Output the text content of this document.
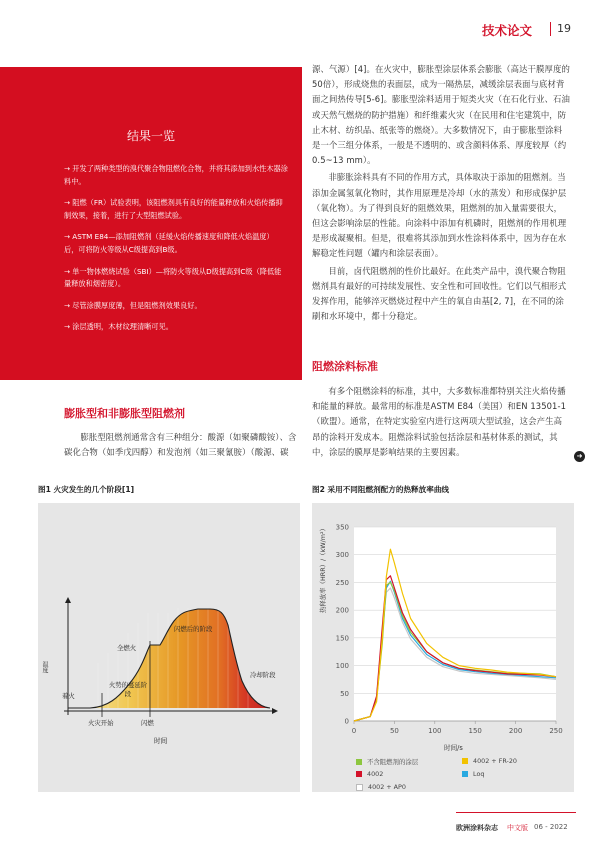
技术论文 19
结果一览

→ 开发了两种类型的溴代聚合物阻燃化合物，并将其添加到水性木器涂料中。

→ 阻燃（FR）试验表明，该阻燃剂具有良好的能量释放和火焰传播抑制效果，接着，进行了大型阻燃试验。

→ ASTM E84—添加阻燃剂（延缓火焰传播速度和降低火焰温度）后，可将防火等级从C级提高到B级。

→ 单一物体燃烧试验（SBI）—将防火等级从D级提高到C级（降低能量释放和烟密度）。

→ 尽管涂膜厚度薄，但是阻燃剂效果良好。

→ 涂层透明，木材纹理清晰可见。

膨胀型和非膨胀型阻燃剂

膨胀型阻燃剂通常含有三种组分：酸源（如聚磷酸铵）、含碳化合物（如季戊四醇）和发泡剂（如三聚氰胺）（酸源、碳

源、气源）[4]。在火灾中，膨胀型涂层体系会膨胀（高达干膜厚度的50倍），形成烧焦的表面层，成为一隔热层，减缓涂层表面与底材背面之间热传导[5-6]。膨胀型涂料适用于短类火灾（在石化行业、石油或天然气燃烧的防护措施）和纤维素火灾（在民用和住宅建筑中，防止木材、纺织品、纸张等的燃烧）。大多数情况下，由于膨胀型涂料是一个三组分体系，一般是不透明的、或含颜料体系、厚度较厚（约0.5~13 mm）。

非膨胀涂料具有不同的作用方式，具体取决于添加的阻燃剂。当添加金属氢氧化物时，其作用原理是冷却（水的蒸发）和形成保护层（氧化物）。为了得到良好的阻燃效果，阻燃剂的加入量需要很大，但这会影响涂层的性能。向涂料中添加有机磷时，阻燃剂的作用机理是形成凝聚相。但是，很难将其添加到水性涂料体系中，因为存在水解稳定性问题（罐内和涂层表面）。

目前，卤代阻燃剂的性价比最好。在此类产品中，溴代聚合物阻燃剂具有最好的可持续发展性、安全性和可回收性。它们以气相形式发挥作用，能够淬灭燃烧过程中产生的氧自由基[2, 7]，在不同的涂刷和水环境中，都十分稳定。

阻燃涂料标准

有多个阻燃涂料的标准，其中，大多数标准都特别关注火焰传播和能量的释放。最常用的标准是ASTM E84（美国）和EN 13501-1（欧盟）。通常，在特定实验室内进行这两项大型试验，这会产生高昂的涂料开发成本。阻燃涂料试验包括涂层和基材体系的测试，其中，涂层的膜厚是影响结果的主要因素。	➜
图1 火灾发生的几个阶段[1]
温度
时间
着火
火势的蔓延阶段
全燃火
闪燃后的阶段
冷却阶段
火灾开始	闪燃
图2 采用不同阻燃剂配方的热释放率曲线
0
50
100
150
200
250
300
350
0	50	100	150	200	250
热释放率（HRR）/（kW/m²）
时间/s
不含阻燃剂的涂层	4002 + FR-20
4002	Loq
4002 + AP0
欧洲涂料杂志 中文版 06 - 2022
